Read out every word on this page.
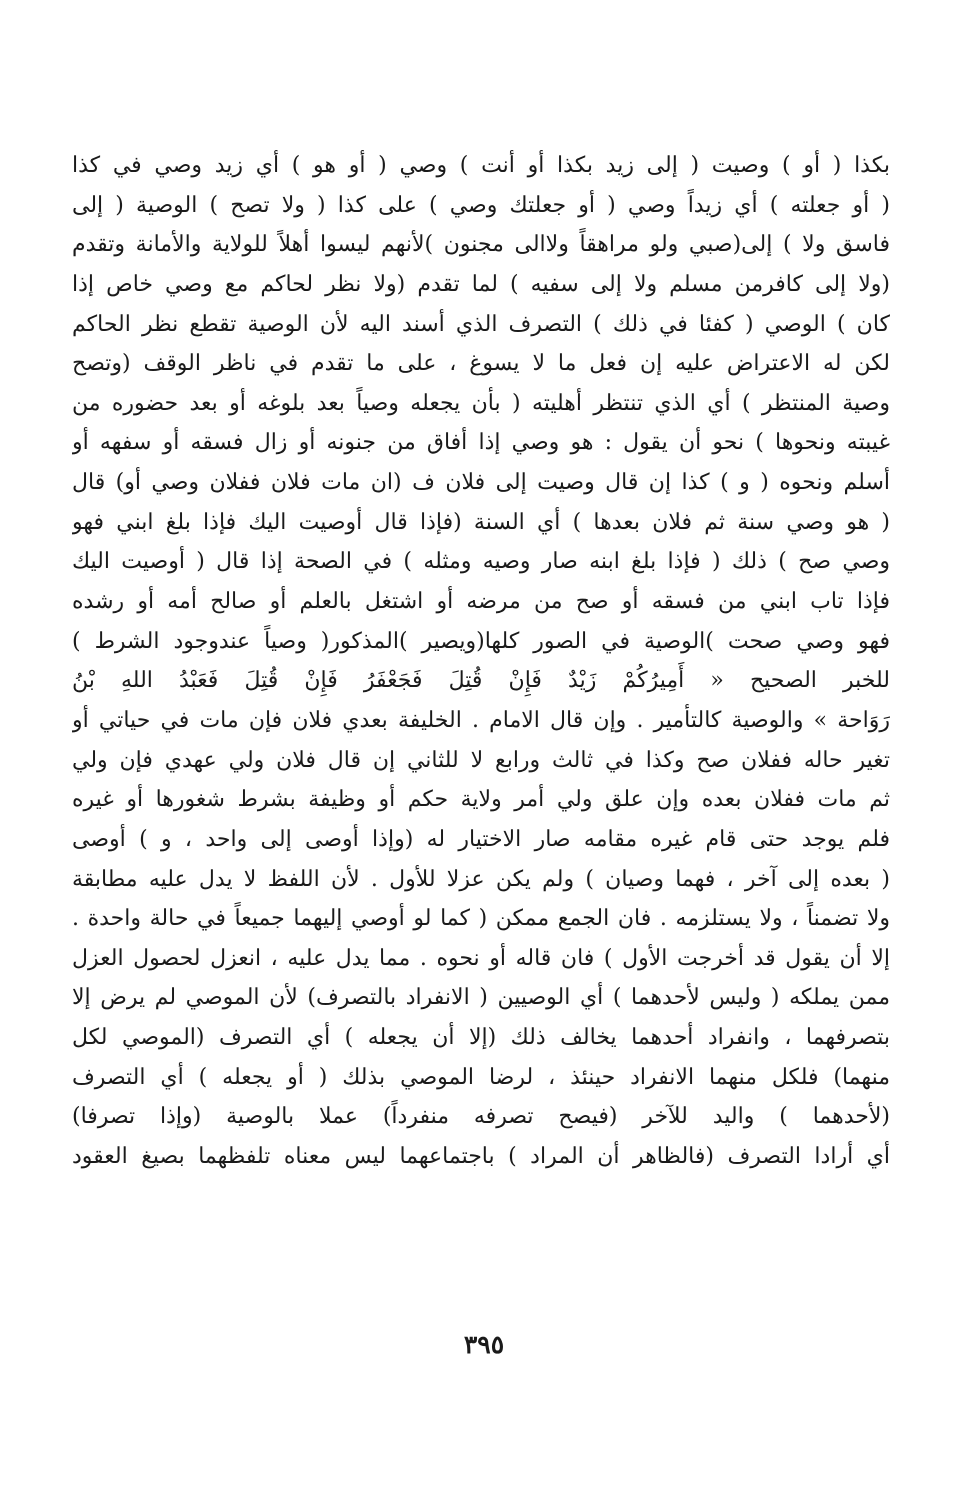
بكذا ( أو ) وصيت ( إلى زيد بكذا أو أنت ) وصي ( أو هو ) أي زيد وصي في كذا
( أو جعلته ) أي زيداً وصي ( أو جعلتك وصي ) على كذا ( ولا تصح ) الوصية ( إلى
فاسق ولا ) إلى(صبي ولو مراهقاً ولاالى مجنون )لأنهم ليسوا أهلاً للولاية والأمانة وتقدم
(ولا إلى كافرمن مسلم ولا إلى سفيه ) لما تقدم (ولا نظر لحاكم مع وصي خاص إذا
كان ) الوصي ( كفئا في ذلك ) التصرف الذي أسند اليه لأن الوصية تقطع نظر الحاكم
لكن له الاعتراض عليه إن فعل ما لا يسوغ ، على ما تقدم في ناظر الوقف (وتصح
وصية المنتظر ) أي الذي تنتظر أهليته ( بأن يجعله وصياً بعد بلوغه أو بعد حضوره من
غيبته ونحوها ) نحو أن يقول : هو وصي إذا أفاق من جنونه أو زال فسقه أو سفهه أو
أسلم ونحوه ( و ) كذا إن قال وصيت إلى فلان ف (ان مات فلان ففلان وصي أو) قال
( هو وصي سنة ثم فلان بعدها ) أي السنة (فإذا قال أوصيت اليك فإذا بلغ ابني فهو
وصي صح ) ذلك ( فإذا بلغ ابنه صار وصيه ومثله ) في الصحة إذا قال ( أوصيت اليك
فإذا تاب ابني من فسقه أو صح من مرضه أو اشتغل بالعلم أو صالح أمه أو رشده
فهو وصي صحت )الوصية في الصور كلها(ويصير )المذكور( وصياً عندوجود الشرط )
للخبر الصحيح « أَمِيرُكُمْ زَيْدٌ فَإِنْ قُتِلَ فَجَعْفَرُ فَإِنْ قُتِلَ فَعَبْدُ اللهِ بْنُ
رَوَاحة » والوصية كالتأمير . وإن قال الامام . الخليفة بعدي فلان فإن مات في حياتي أو
تغير حاله ففلان صح وكذا في ثالث ورابع لا للثاني إن قال فلان ولي عهدي فإن ولي
ثم مات ففلان بعده وإن علق ولي أمر ولاية حكم أو وظيفة بشرط شغورها أو غيره
فلم يوجد حتى قام غيره مقامه صار الاختيار له (وإذا أوصى إلى واحد ، و ) أوصى
( بعده إلى آخر ، فهما وصيان ) ولم يكن عزلا للأول . لأن اللفظ لا يدل عليه مطابقة
ولا تضمناً ، ولا يستلزمه . فان الجمع ممكن ( كما لو أوصي إليهما جميعاً في حالة واحدة .
إلا أن يقول قد أخرجت الأول ) فان قاله أو نحوه . مما يدل عليه ، انعزل لحصول العزل
ممن يملكه ( وليس لأحدهما ) أي الوصيين ( الانفراد بالتصرف) لأن الموصي لم يرض إلا
بتصرفهما ، وانفراد أحدهما يخالف ذلك (إلا أن يجعله ) أي التصرف (الموصي لكل
منهما) فلكل منهما الانفراد حينئذ ، لرضا الموصي بذلك ( أو يجعله ) أي التصرف
(لأحدهما ) واليد للآخر (فيصح تصرفه منفرداً) عملا بالوصية (وإذا تصرفا)
أي أرادا التصرف (فالظاهر أن المراد ) باجتماعهما ليس معناه تلفظهما بصيغ العقود
٣٩٥
